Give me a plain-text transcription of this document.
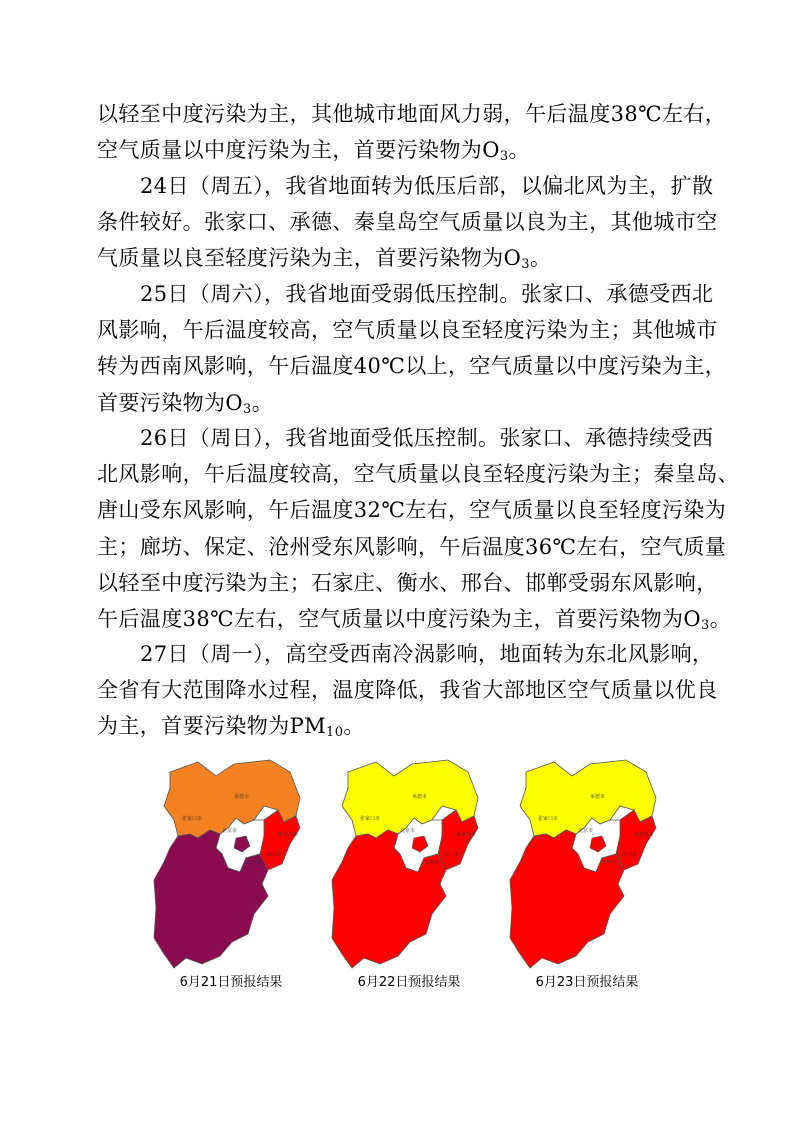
以轻至中度污染为主，其他城市地面风力弱，午后温度38℃左右，
空气质量以中度污染为主，首要污染物为$O_3$。
24日（周五），我省地面转为低压后部，以偏北风为主，扩散
条件较好。张家口、承德、秦皇岛空气质量以良为主，其他城市空
气质量以良至轻度污染为主，首要污染物为$O_3$。
25日（周六），我省地面受弱低压控制。张家口、承德受西北
风影响，午后温度较高，空气质量以良至轻度污染为主；其他城市
转为西南风影响，午后温度40℃以上，空气质量以中度污染为主，
首要污染物为$O_3$。
26日（周日），我省地面受低压控制。张家口、承德持续受西
北风影响，午后温度较高，空气质量以良至轻度污染为主；秦皇岛、
唐山受东风影响，午后温度32℃左右，空气质量以良至轻度污染为
主；廊坊、保定、沧州受东风影响，午后温度36℃左右，空气质量
以轻至中度污染为主；石家庄、衡水、邢台、邯郸受弱东风影响，
午后温度38℃左右，空气质量以中度污染为主，首要污染物为$O_3$。
27日（周一），高空受西南冷涡影响，地面转为东北风影响，
全省有大范围降水过程，温度降低，我省大部地区空气质量以优良
为主，首要污染物为$PM_{10}$。
张家口市
承德市
北京市
秦皇岛市
唐山市
天津市
张家口市
承德市
北京市
秦皇岛市
唐山市
天津市
张家口市
承德市
北京市
秦皇岛市
唐山市
天津市
6月21日预报结果	6月22日预报结果	6月23日预报结果
